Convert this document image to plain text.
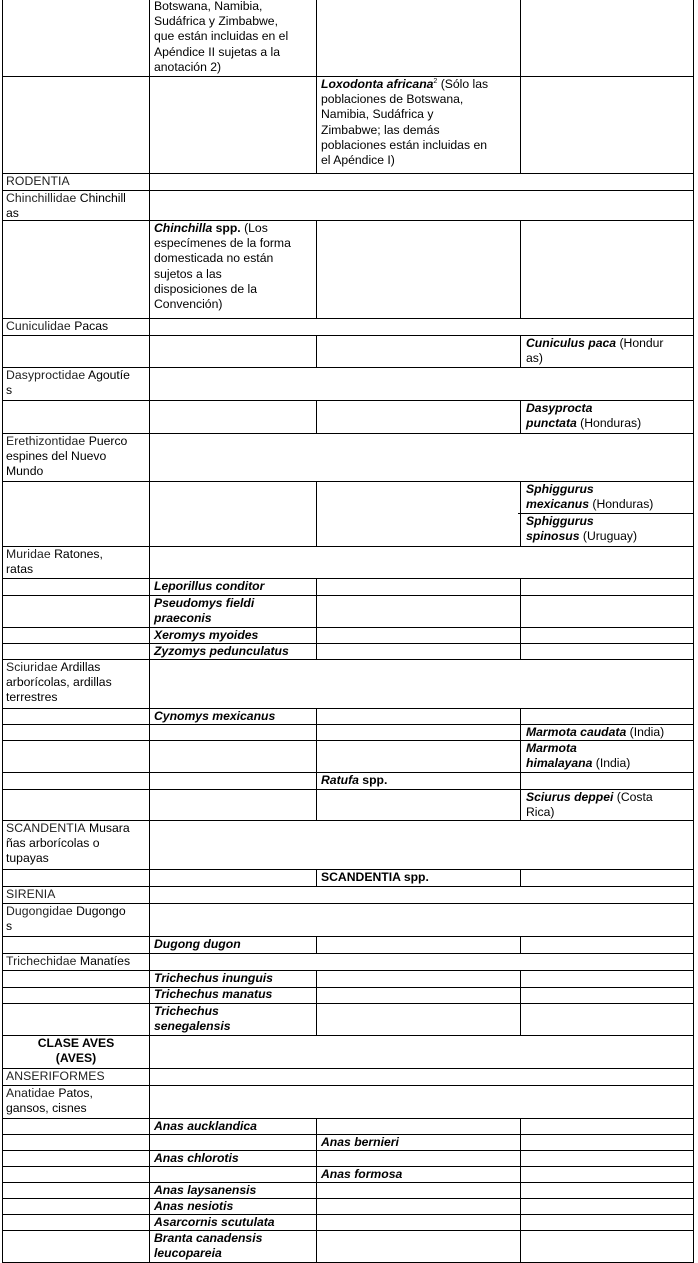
Botswana, Namibia,
Sudáfrica y Zimbabwe,
que están incluidas en el
Apéndice II sujetas a la
anotación 2)
Loxodonta africana$^2$ (Sólo las
poblaciones de Botswana,
Namibia, Sudáfrica y
Zimbabwe; las demás
poblaciones están incluidas en
el Apéndice I)
RODENTIA
Chinchillidae Chinchill
as
Chinchilla spp. (Los
especímenes de la forma
domesticada no están
sujetos a las
disposiciones de la
Convención)
Cuniculidae Pacas
Cuniculus paca (Hondur
as)
Dasyproctidae Agoutíe
s
Dasyprocta
punctata (Honduras)
Erethizontidae Puerco
espines del Nuevo
Mundo
Sphiggurus
mexicanus (Honduras)
Sphiggurus
spinosus (Uruguay)
Muridae Ratones,
ratas
Leporillus conditor
Pseudomys fieldi
praeconis
Xeromys myoides
Zyzomys pedunculatus
Sciuridae Ardillas
arborícolas, ardillas
terrestres
Cynomys mexicanus
Marmota caudata (India)
Marmota
himalayana (India)
Ratufa spp.
Sciurus deppei (Costa
Rica)
SCANDENTIA Musara
ñas arborícolas o
tupayas
SCANDENTIA spp.
SIRENIA
Dugongidae Dugongo
s
Dugong dugon
Trichechidae Manatíes
Trichechus inunguis
Trichechus manatus
Trichechus
senegalensis
CLASE AVES
(AVES)
ANSERIFORMES
Anatidae Patos,
gansos, cisnes
Anas aucklandica
Anas bernieri
Anas chlorotis
Anas formosa
Anas laysanensis
Anas nesiotis
Asarcornis scutulata
Branta canadensis
leucopareia
